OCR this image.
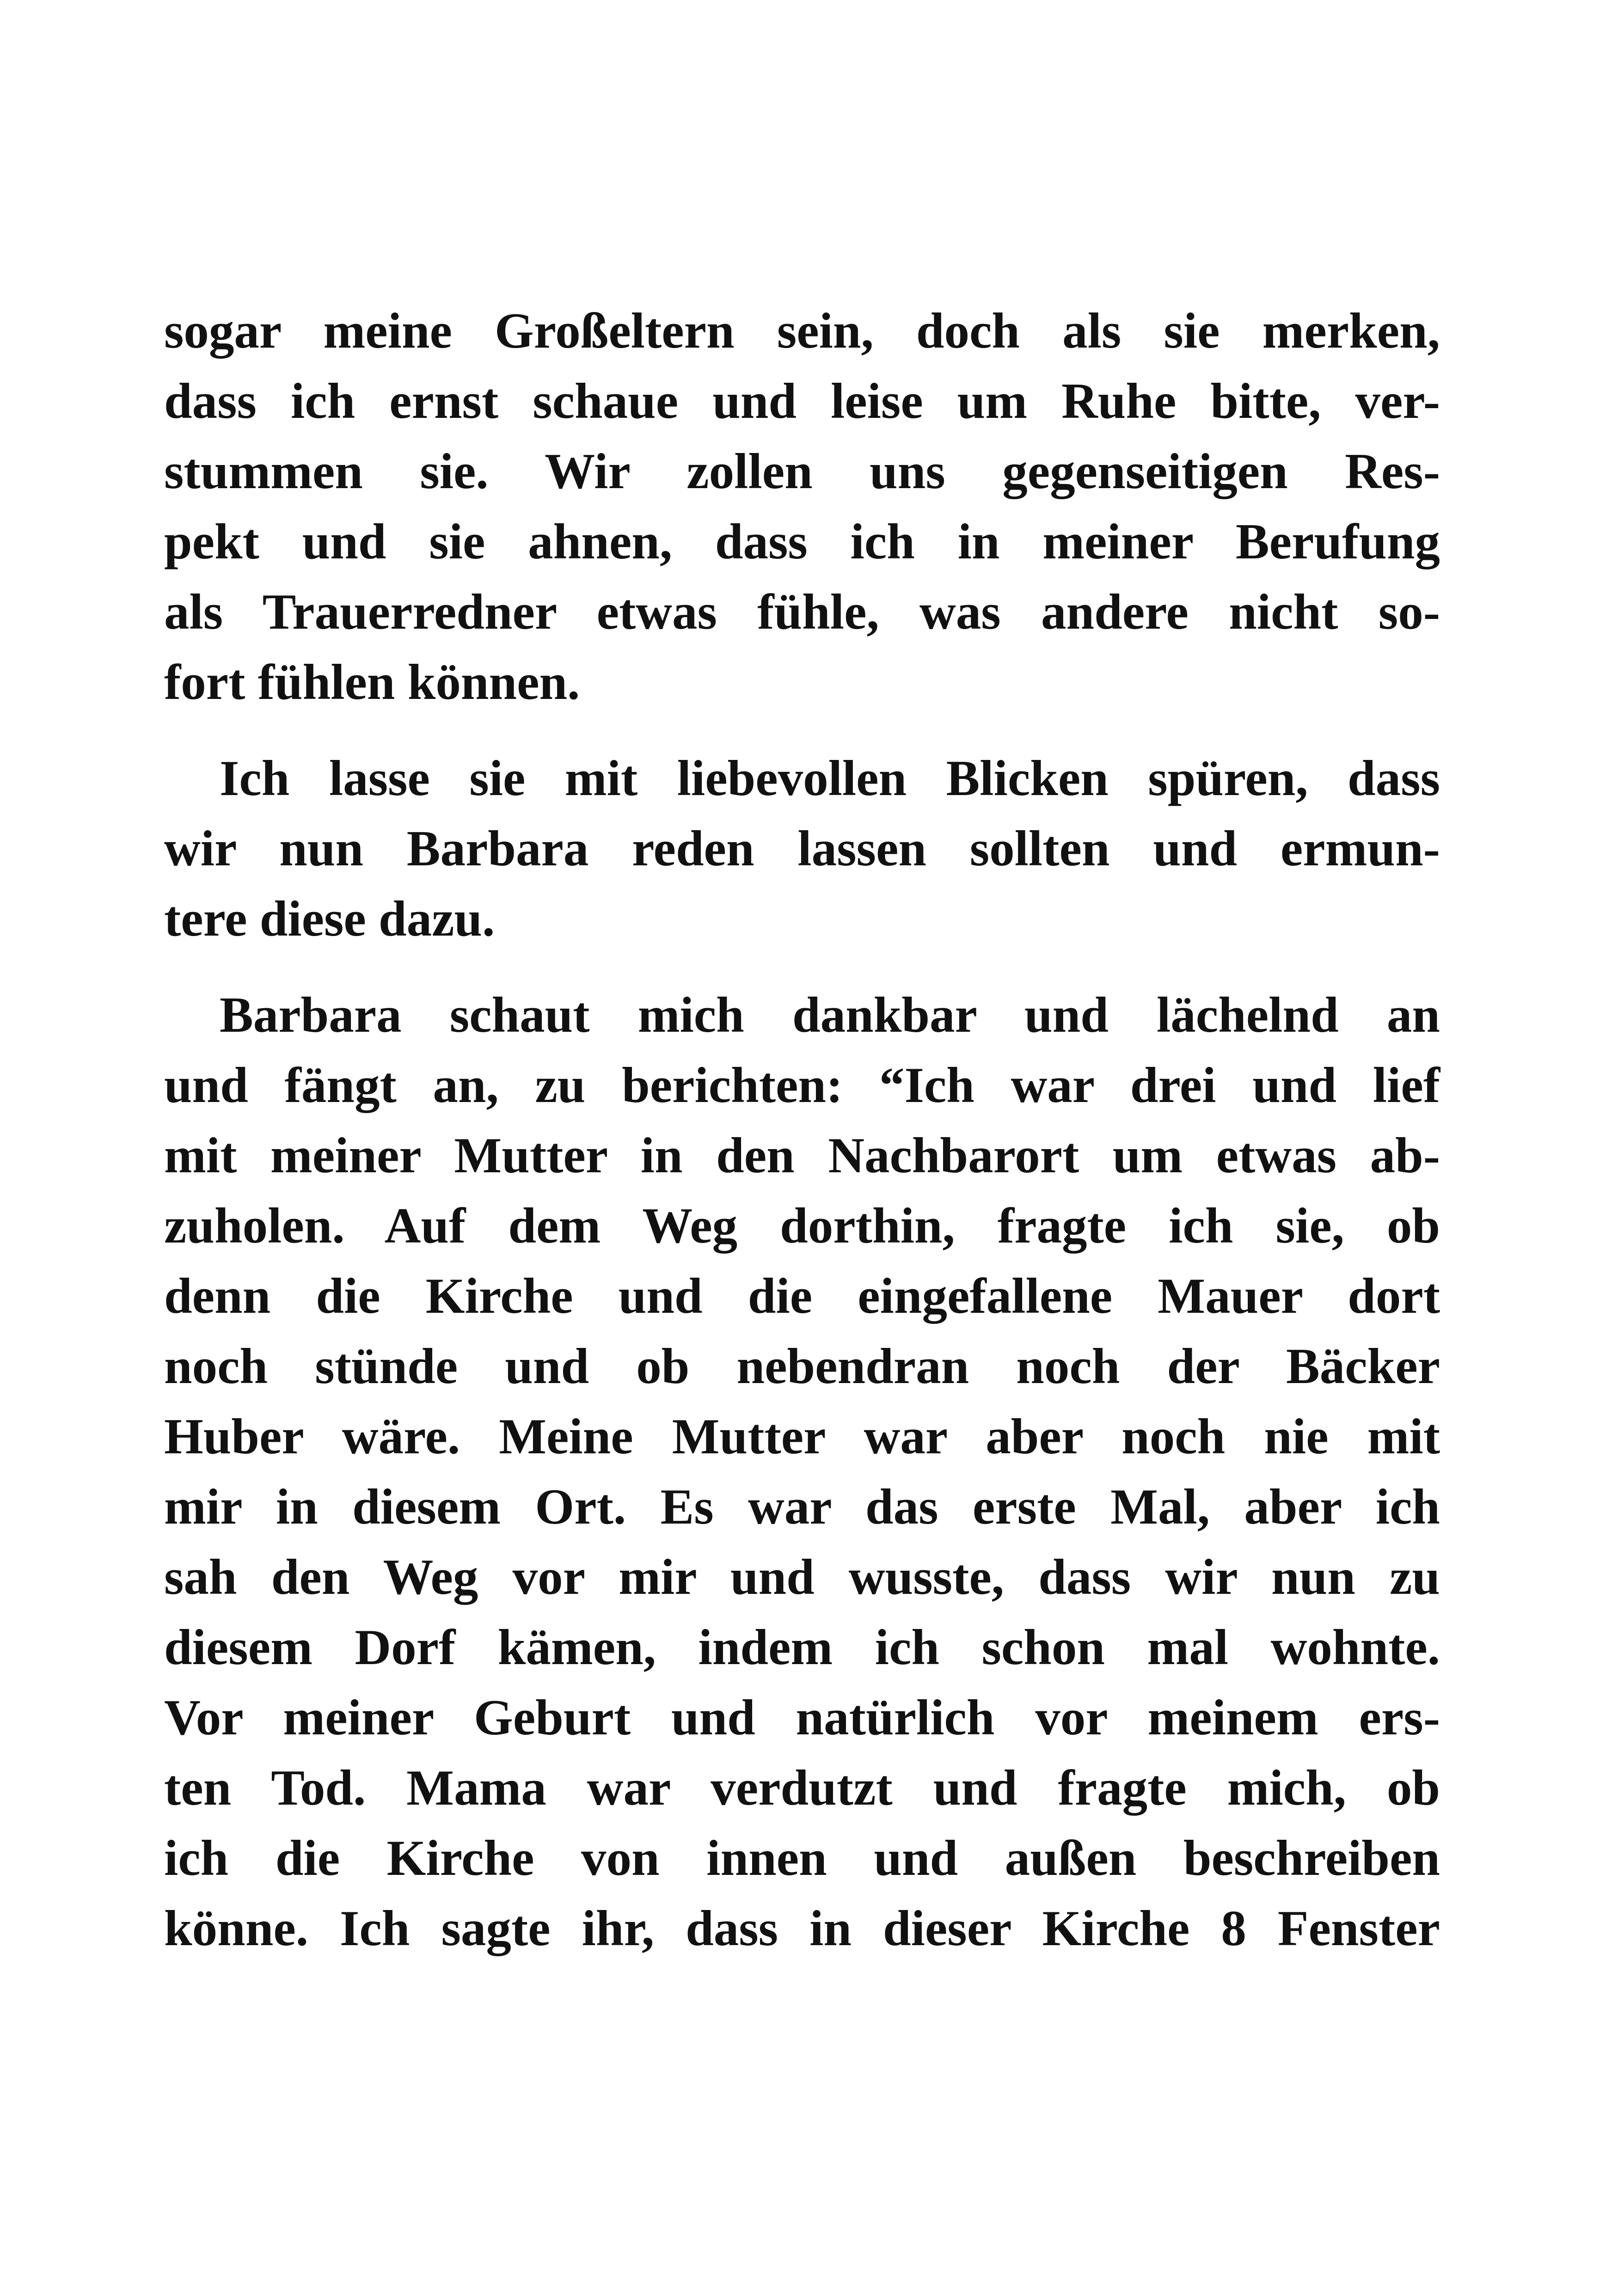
sogar meine Großeltern sein, doch als sie merken,
dass ich ernst schaue und leise um Ruhe bitte, ver-
stummen sie. Wir zollen uns gegenseitigen Res-
pekt und sie ahnen, dass ich in meiner Berufung
als Trauerredner etwas fühle, was andere nicht so-
fort fühlen können.

Ich lasse sie mit liebevollen Blicken spüren, dass
wir nun Barbara reden lassen sollten und ermun-
tere diese dazu.

Barbara schaut mich dankbar und lächelnd an
und fängt an, zu berichten: “Ich war drei und lief
mit meiner Mutter in den Nachbarort um etwas ab-
zuholen. Auf dem Weg dorthin, fragte ich sie, ob
denn die Kirche und die eingefallene Mauer dort
noch stünde und ob nebendran noch der Bäcker
Huber wäre. Meine Mutter war aber noch nie mit
mir in diesem Ort. Es war das erste Mal, aber ich
sah den Weg vor mir und wusste, dass wir nun zu
diesem Dorf kämen, indem ich schon mal wohnte.
Vor meiner Geburt und natürlich vor meinem ers-
ten Tod. Mama war verdutzt und fragte mich, ob
ich die Kirche von innen und außen beschreiben
könne. Ich sagte ihr, dass in dieser Kirche 8 Fenster
